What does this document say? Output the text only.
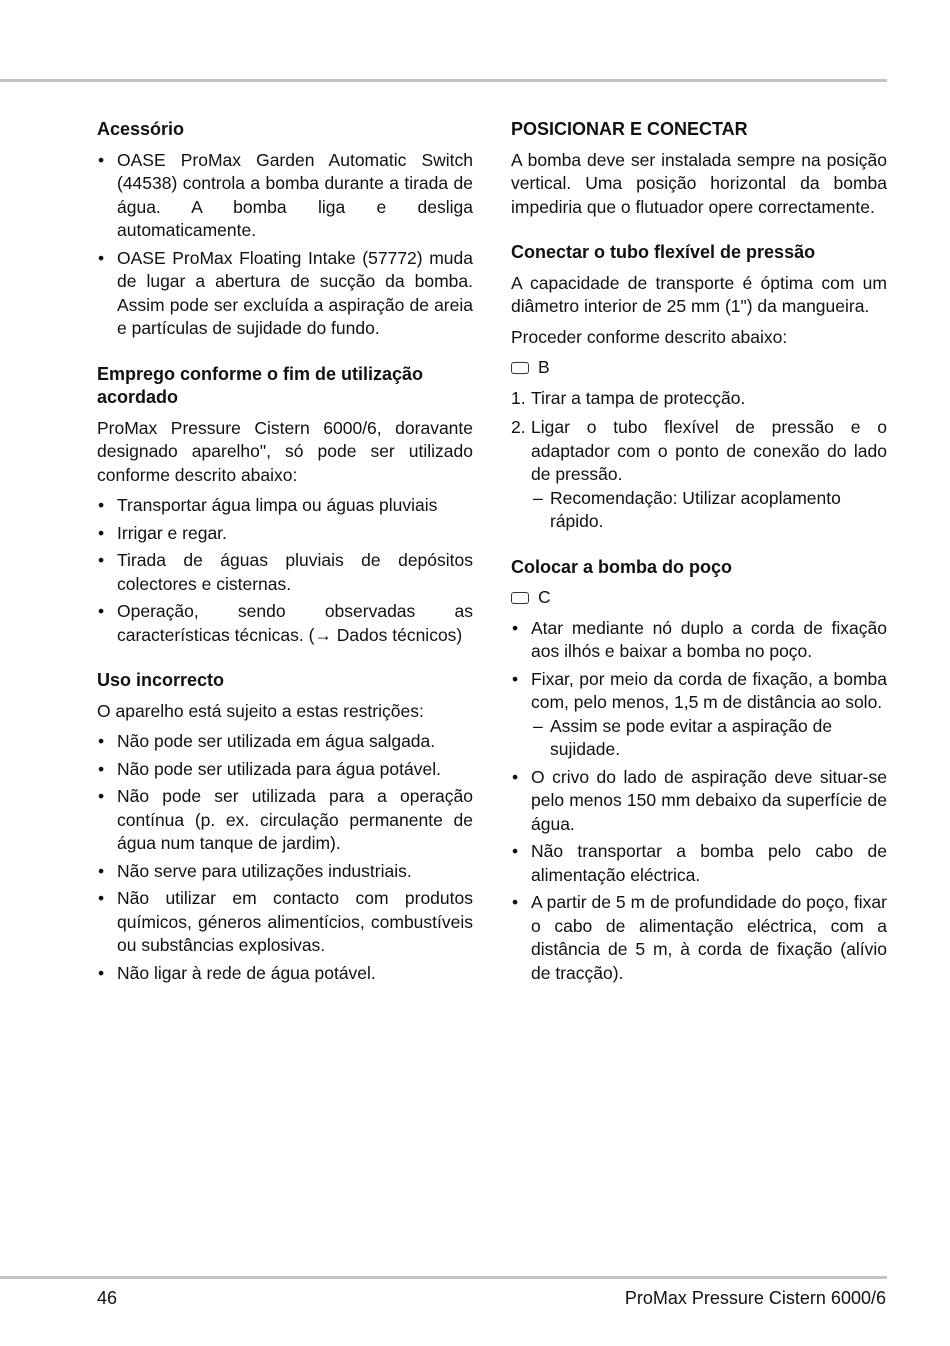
Acessório
• OASE ProMax Garden Automatic Switch (44538) controla a bomba durante a tirada de água. A bomba liga e desliga automaticamente.
• OASE ProMax Floating Intake (57772) muda de lugar a abertura de sucção da bomba. Assim pode ser excluída a aspiração de areia e partículas de sujidade do fundo.
Emprego conforme o fim de utilização acordado

ProMax Pressure Cistern 6000/6, doravante designado aparelho", só pode ser utilizado conforme descrito abaixo:

• Transportar água limpa ou águas pluviais
• Irrigar e regar.
• Tirada de águas pluviais de depósitos colectores e cisternas.
• Operação, sendo observadas as características técnicas. (→ Dados técnicos)
Uso incorrecto

O aparelho está sujeito a estas restrições:

• Não pode ser utilizada em água salgada.
• Não pode ser utilizada para água potável.
• Não pode ser utilizada para a operação contínua (p. ex. circulação permanente de água num tanque de jardim).
• Não serve para utilizações industriais.
• Não utilizar em contacto com produtos químicos, géneros alimentícios, combustíveis ou substâncias explosivas.
• Não ligar à rede de água potável.
POSICIONAR E CONECTAR

A bomba deve ser instalada sempre na posição vertical. Uma posição horizontal da bomba impediria que o flutuador opere correctamente.

Conectar o tubo flexível de pressão

A capacidade de transporte é óptima com um diâmetro interior de 25 mm (1") da mangueira.

Proceder conforme descrito abaixo:

B
1. Tirar a tampa de protecção.
2. Ligar o tubo flexível de pressão e o adaptador com o ponto de conexão do lado de pressão.
– Recomendação: Utilizar acoplamento rápido.
Colocar a bomba do poço
C
• Atar mediante nó duplo a corda de fixação aos ilhós e baixar a bomba no poço.
• Fixar, por meio da corda de fixação, a bomba com, pelo menos, 1,5 m de distância ao solo.
– Assim se pode evitar a aspiração de sujidade.
• O crivo do lado de aspiração deve situar-se pelo menos 150 mm debaixo da superfície de água.
• Não transportar a bomba pelo cabo de alimentação eléctrica.
• A partir de 5 m de profundidade do poço, fixar o cabo de alimentação eléctrica, com a distância de 5 m, à corda de fixação (alívio de tracção).
46	ProMax Pressure Cistern 6000/6
